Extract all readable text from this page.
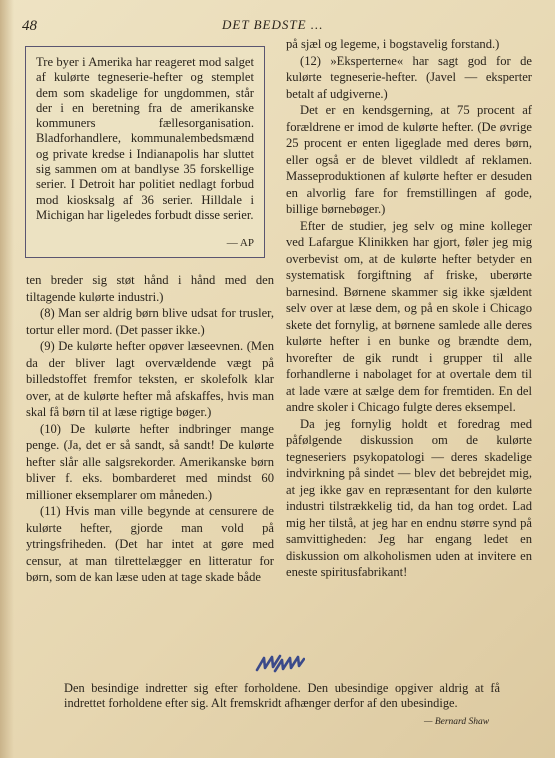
48	DET BEDSTE ...
Tre byer i Amerika har reageret mod salget af kulørte tegneserie-hefter og stemplet dem som skadelige for ungdommen, står der i en beretning fra de amerikanske kommuners fællesorganisation. Bladforhandlere, kommunalembedsmænd og private kredse i Indianapolis har sluttet sig sammen om at bandlyse 35 forskellige serier. I Detroit har politiet nedlagt forbud mod kiosksalg af 36 serier. Hilldale i Michigan har ligeledes forbudt disse serier.
— AP

ten breder sig støt hånd i hånd med den tiltagende kulørte industri.)

(8) Man ser aldrig børn blive udsat for trusler, tortur eller mord. (Det passer ikke.)

(9) De kulørte hefter opøver læseevnen. (Men da der bliver lagt overvældende vægt på billedstoffet fremfor teksten, er skolefolk klar over, at de kulørte hefter må afskaffes, hvis man skal få børn til at læse rigtige bøger.)

(10) De kulørte hefter indbringer mange penge. (Ja, det er så sandt, så sandt! De kulørte hefter slår alle salgsrekorder. Amerikanske børn bliver f. eks. bombarderet med mindst 60 millioner eksemplarer om måneden.)

(11) Hvis man ville begynde at censurere de kulørte hefter, gjorde man vold på ytringsfriheden. (Det har intet at gøre med censur, at man tilrettelægger en litteratur for børn, som de kan læse uden at tage skade både

på sjæl og legeme, i bogstavelig forstand.)

(12) »Eksperterne« har sagt god for de kulørte tegneserie-hefter. (Javel — eksperter betalt af udgiverne.)

Det er en kendsgerning, at 75 procent af forældrene er imod de kulørte hefter. (De øvrige 25 procent er enten ligeglade med deres børn, eller også er de blevet vildledt af reklamen. Masseproduktionen af kulørte hefter er desuden en alvorlig fare for fremstillingen af gode, billige børnebøger.)

Efter de studier, jeg selv og mine kolleger ved Lafargue Klinikken har gjort, føler jeg mig overbevist om, at de kulørte hefter betyder en systematisk forgiftning af friske, uberørte barnesind. Børnene skammer sig ikke sjældent selv over at læse dem, og på en skole i Chicago skete det fornylig, at børnene samlede alle deres kulørte hefter i en bunke og brændte dem, hvorefter de gik rundt i grupper til alle forhandlerne i nabolaget for at overtale dem til at lade være at sælge dem for fremtiden. En del andre skoler i Chicago fulgte deres eksempel.

Da jeg fornylig holdt et foredrag med påfølgende diskussion om de kulørte tegneseriers psykopatologi — deres skadelige indvirkning på sindet — blev det bebrejdet mig, at jeg ikke gav en repræsentant for den kulørte industri tilstrækkelig tid, da han tog ordet. Lad mig her tilstå, at jeg har en endnu større synd på samvittigheden: Jeg har engang ledet en diskussion om alkoholismen uden at invitere en eneste spiritusfabrikant!

Den besindige indretter sig efter forholdene. Den ubesindige opgiver aldrig at få indrettet forholdene efter sig. Alt fremskridt afhænger derfor af den ubesindige.
— Bernard Shaw
